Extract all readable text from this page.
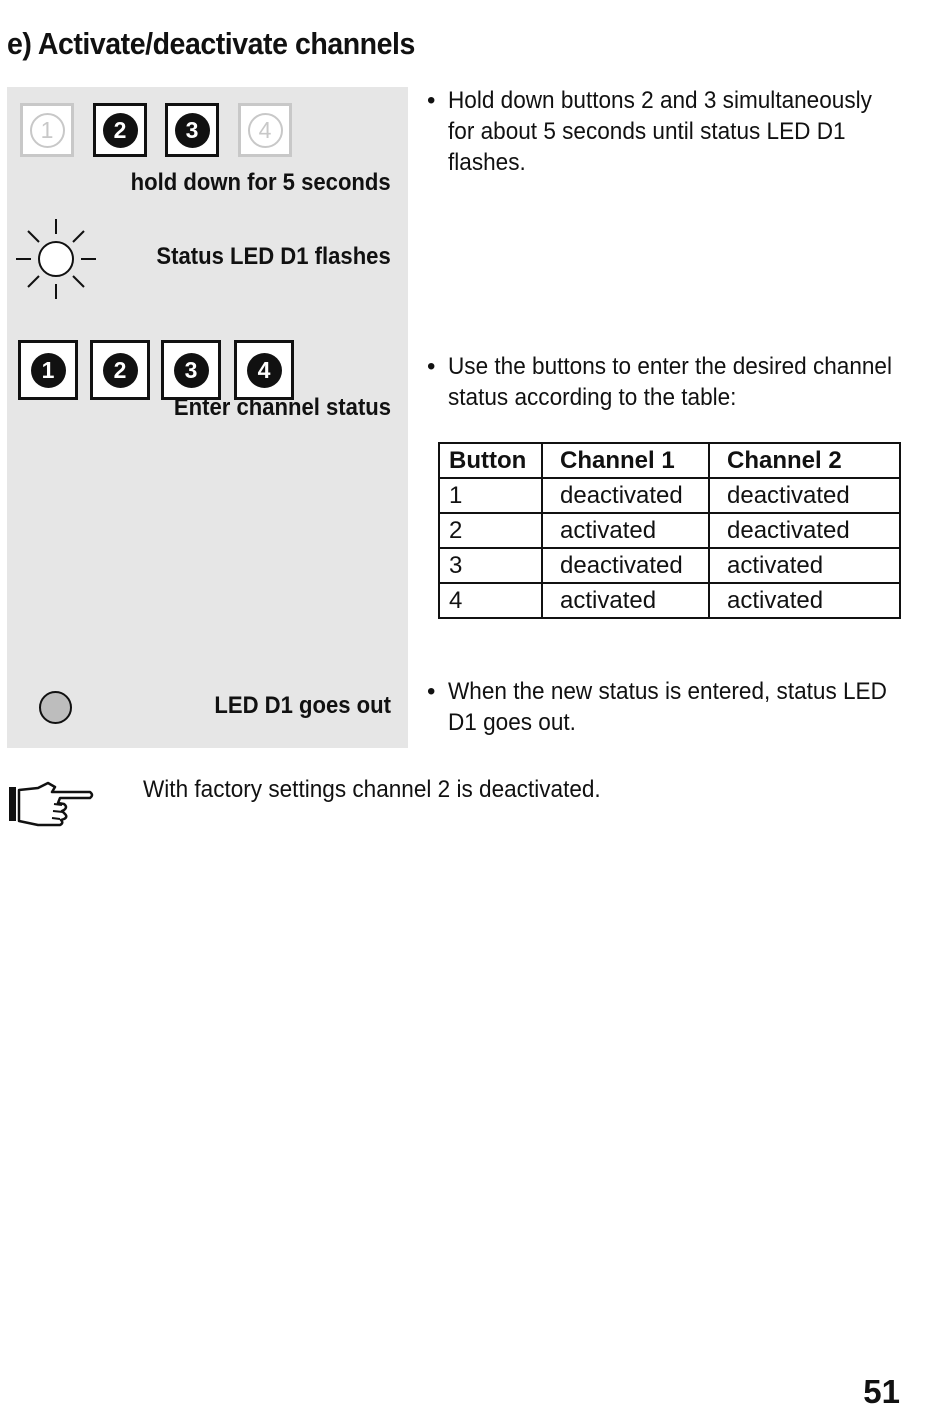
e) Activate/deactivate channels
1	2	3	4
hold down for 5 seconds
Status LED D1 flashes
1	2	3	4
Enter channel status
LED D1 goes out
• Hold down buttons 2 and 3 simultaneously for about 5 seconds until status LED D1 flashes.
• Use the buttons to enter the desired channel status according to the table:
Button	Channel 1	Channel 2
1	deactivated	deactivated
2	activated	deactivated
3	deactivated	activated
4	activated	activated
• When the new status is entered, status LED D1 goes out.
With factory settings channel 2 is deactivated.
51
